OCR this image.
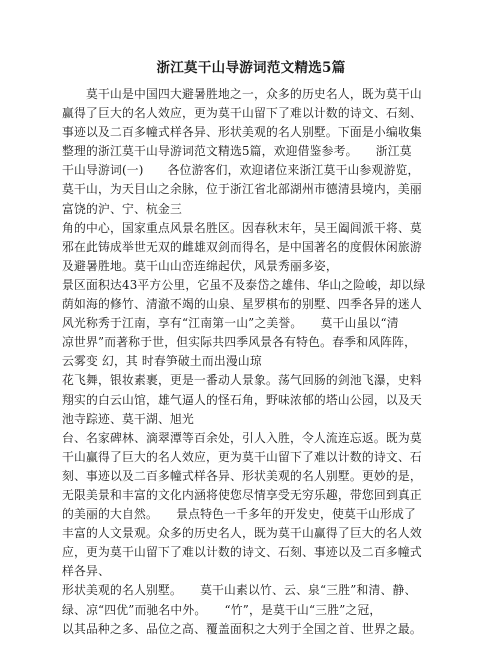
浙江莫干山导游词范文精选5篇
　　莫干山是中国四大避暑胜地之一，众多的历史名人，既为莫干山
赢得了巨大的名人效应，更为莫干山留下了难以计数的诗文、石刻、
事迹以及二百多幢式样各异、形状美观的名人别墅。下面是小编收集
整理的浙江莫干山导游词范文精选5篇，欢迎借鉴参考。　　浙江莫
干山导游词(一)　　各位游客们，欢迎诸位来浙江莫干山参观游览，
莫干山，为天目山之余脉，位于浙江省北部湖州市德清县境内，美丽
富饶的沪、宁、杭金三
角的中心，国家重点风景名胜区。因春秋末年，吴王阖闾派干将、莫
邪在此铸成举世无双的雌雄双剑而得名，是中国著名的度假休闲旅游
及避暑胜地。莫干山山峦连绵起伏，风景秀丽多姿，
景区面积达43平方公里，它虽不及泰岱之雄伟、华山之险峻，却以绿
荫如海的修竹、清澈不竭的山泉、星罗棋布的别墅、四季各异的迷人
风光称秀于江南，享有“江南第一山”之美誉。　　莫干山虽以“清
凉世界”而著称于世，但实际共四季风景各有特色。春季和风阵阵，
云雾变 幻，其 时春笋破土而出漫山琼
花飞舞，银妆素裹，更是一番动人景象。荡气回肠的剑池飞瀑，史料
翔实的白云山馆，雄气逼人的怪石角，野味浓郁的塔山公园，以及天
池寺踪迹、莫干湖、旭光
台、名家碑林、滴翠潭等百余处，引人入胜，令人流连忘返。既为莫
干山赢得了巨大的名人效应，更为莫干山留下了难以计数的诗文、石
刻、事迹以及二百多幢式样各异、形状美观的名人别墅。更妙的是，
无限美景和丰富的文化内涵将使您尽情享受无穷乐趣，带您回到真正
的美丽的大自然。　　景点特色一千多年的开发史，使莫干山形成了
丰富的人文景观。众多的历史名人，既为莫干山赢得了巨大的名人效
应，更为莫干山留下了难以计数的诗文、石刻、事迹以及二百多幢式
样各异、
形状美观的名人别墅。　　莫干山素以竹、云、泉“三胜”和清、静、
绿、凉“四优”而驰名中外。　　“竹”，是莫干山“三胜”之冠，
以其品种之多、品位之高、覆盖面积之大列于全国之首、世界之最。
